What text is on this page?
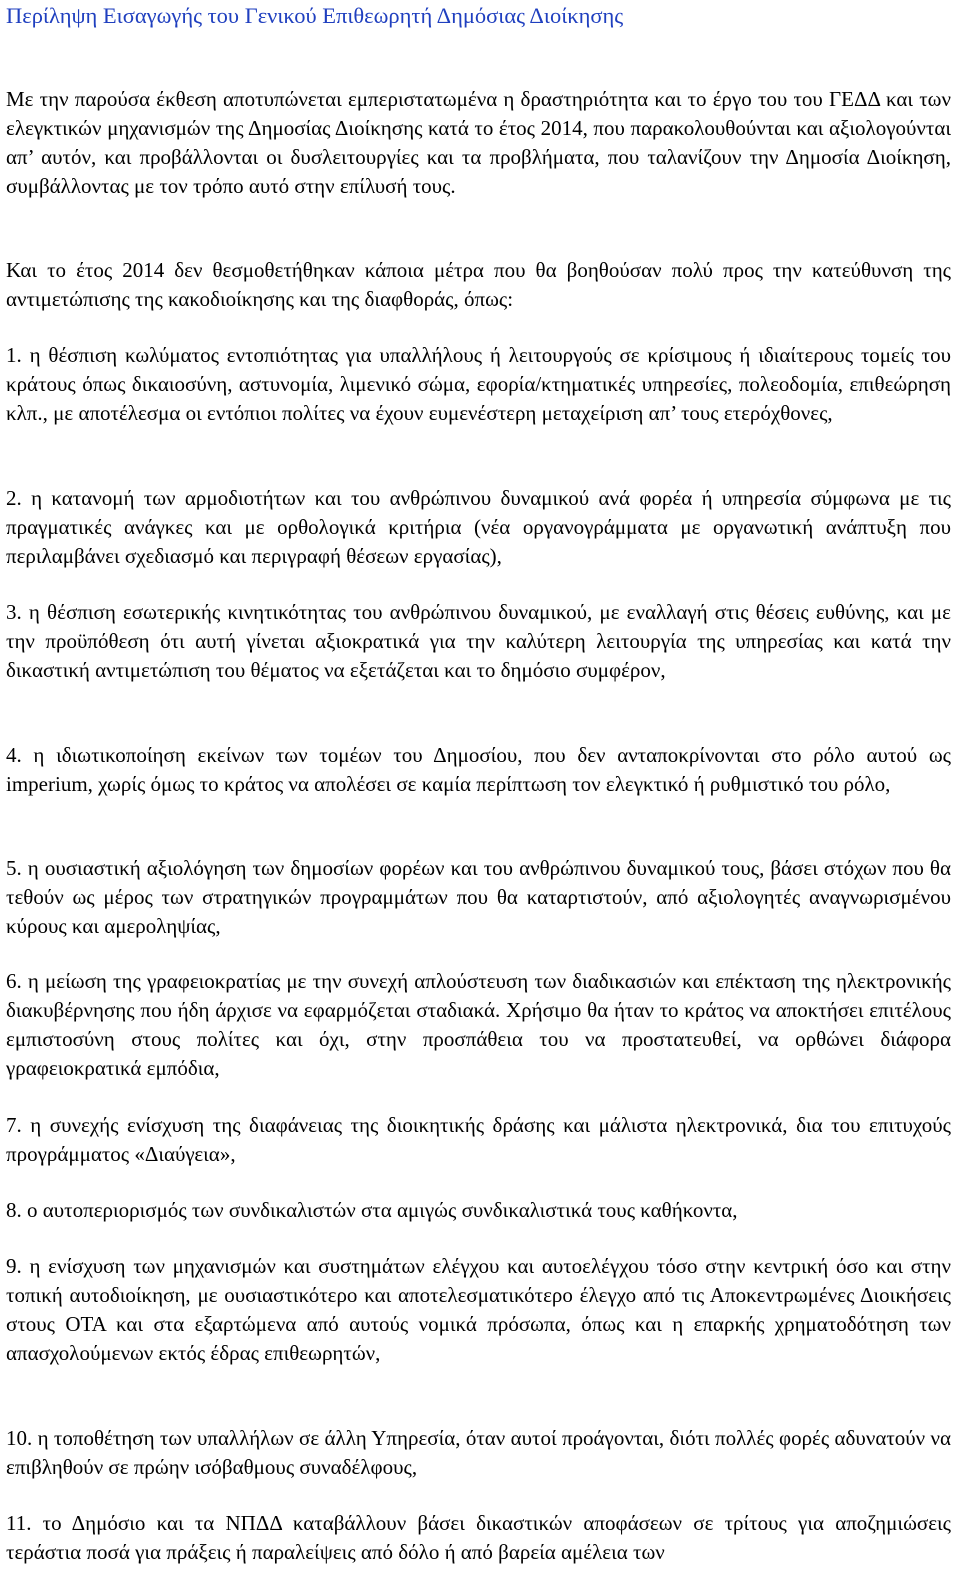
Περίληψη Εισαγωγής του Γενικού Επιθεωρητή Δημόσιας Διοίκησης

Με την παρούσα έκθεση αποτυπώνεται εμπεριστατωμένα η δραστηριότητα και το έργο του του ΓΕΔΔ και των ελεγκτικών μηχανισμών της Δημοσίας Διοίκησης κατά το έτος 2014, που παρακολουθούνται και αξιολογούνται απ’ αυτόν, και προβάλλονται οι δυσλειτουργίες και τα προβλήματα, που ταλανίζουν την Δημοσία Διοίκηση, συμβάλλοντας με τον τρόπο αυτό στην επίλυσή τους.

Και το έτος 2014 δεν θεσμοθετήθηκαν κάποια μέτρα που θα βοηθούσαν πολύ προς την κατεύθυνση της αντιμετώπισης της κακοδιοίκησης και της διαφθοράς, όπως:

1. η θέσπιση κωλύματος εντοπιότητας για υπαλλήλους ή λειτουργούς σε κρίσιμους ή ιδιαίτερους τομείς του κράτους όπως δικαιοσύνη, αστυνομία, λιμενικό σώμα, εφορία/κτηματικές υπηρεσίες, πολεοδομία, επιθεώρηση κλπ., με αποτέλεσμα οι εντόπιοι πολίτες να έχουν ευμενέστερη μεταχείριση απ’ τους ετερόχθονες,

2. η κατανομή των αρμοδιοτήτων και του ανθρώπινου δυναμικού ανά φορέα ή υπηρεσία σύμφωνα με τις πραγματικές ανάγκες και με ορθολογικά κριτήρια (νέα οργανογράμματα με οργανωτική ανάπτυξη που περιλαμβάνει σχεδιασμό και περιγραφή θέσεων εργασίας),

3. η θέσπιση εσωτερικής κινητικότητας του ανθρώπινου δυναμικού, με εναλλαγή στις θέσεις ευθύνης, και με την προϋπόθεση ότι αυτή γίνεται αξιοκρατικά για την καλύτερη λειτουργία της υπηρεσίας και κατά την δικαστική αντιμετώπιση του θέματος να εξετάζεται και το δημόσιο συμφέρον,

4. η ιδιωτικοποίηση εκείνων των τομέων του Δημοσίου, που δεν ανταποκρίνονται στο ρόλο αυτού ως imperium, χωρίς όμως το κράτος να απολέσει σε καμία περίπτωση τον ελεγκτικό ή ρυθμιστικό του ρόλο,

5. η ουσιαστική αξιολόγηση των δημοσίων φορέων και του ανθρώπινου δυναμικού τους, βάσει στόχων που θα τεθούν ως μέρος των στρατηγικών προγραμμάτων που θα καταρτιστούν, από αξιολογητές αναγνωρισμένου κύρους και αμεροληψίας,

6. η μείωση της γραφειοκρατίας με την συνεχή απλούστευση των διαδικασιών και επέκταση της ηλεκτρονικής διακυβέρνησης που ήδη άρχισε να εφαρμόζεται σταδιακά. Χρήσιμο θα ήταν το κράτος να αποκτήσει επιτέλους εμπιστοσύνη στους πολίτες και όχι, στην προσπάθεια του να προστατευθεί, να ορθώνει διάφορα γραφειοκρατικά εμπόδια,

7. η συνεχής ενίσχυση της διαφάνειας της διοικητικής δράσης και μάλιστα ηλεκτρονικά, δια του επιτυχούς προγράμματος «Διαύγεια»,

8. ο αυτοπεριορισμός των συνδικαλιστών στα αμιγώς συνδικαλιστικά τους καθήκοντα,

9. η ενίσχυση των μηχανισμών και συστημάτων ελέγχου και αυτοελέγχου τόσο στην κεντρική όσο και στην τοπική αυτοδιοίκηση, με ουσιαστικότερο και αποτελεσματικότερο έλεγχο από τις Αποκεντρωμένες Διοικήσεις στους ΟΤΑ και στα εξαρτώμενα από αυτούς νομικά πρόσωπα, όπως και η επαρκής χρηματοδότηση των απασχολούμενων εκτός έδρας επιθεωρητών,

10. η τοποθέτηση των υπαλλήλων σε άλλη Υπηρεσία, όταν αυτοί προάγονται, διότι πολλές φορές αδυνατούν να επιβληθούν σε πρώην ισόβαθμους συναδέλφους,

11. το Δημόσιο και τα ΝΠΔΔ καταβάλλουν βάσει δικαστικών αποφάσεων σε τρίτους για αποζημιώσεις τεράστια ποσά για πράξεις ή παραλείψεις από δόλο ή από βαρεία αμέλεια των
